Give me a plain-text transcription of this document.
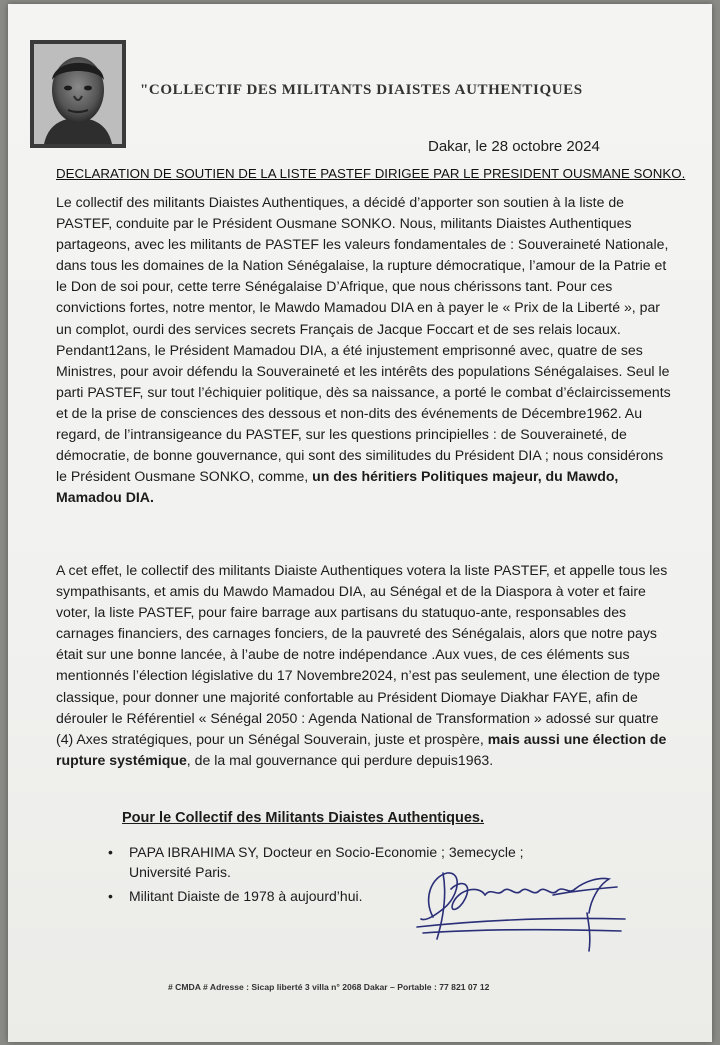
"COLLECTIF DES MILITANTS DIAISTES AUTHENTIQUES
Dakar, le 28 octobre 2024
DECLARATION DE SOUTIEN DE LA LISTE PASTEF DIRIGEE PAR LE PRESIDENT OUSMANE SONKO.

Le collectif des militants Diaistes Authentiques, a décidé d’apporter son soutien à la liste de PASTEF, conduite par le Président Ousmane SONKO. Nous, militants Diaistes Authentiques partageons, avec les militants de PASTEF les valeurs fondamentales de : Souveraineté Nationale, dans tous les domaines de la Nation Sénégalaise, la rupture démocratique, l’amour de la Patrie et le Don de soi pour, cette terre Sénégalaise D’Afrique, que nous chérissons tant. Pour ces convictions fortes, notre mentor, le Mawdo Mamadou DIA en à payer le « Prix de la Liberté », par un complot, ourdi des services secrets Français de Jacque Foccart et de ses relais locaux. Pendant12ans, le Président Mamadou DIA, a été injustement emprisonné avec, quatre de ses Ministres, pour avoir défendu la Souveraineté et les intérêts des populations Sénégalaises. Seul le parti PASTEF, sur tout l’échiquier politique, dès sa naissance, a porté le combat d’éclaircissements et de la prise de consciences des dessous et non-dits des événements de Décembre1962. Au regard, de l’intransigeance du PASTEF, sur les questions principielles : de Souveraineté, de démocratie, de bonne gouvernance, qui sont des similitudes du Président DIA ; nous considérons le Président Ousmane SONKO, comme, un des héritiers Politiques majeur, du Mawdo, Mamadou DIA.

A cet effet, le collectif des militants Diaiste Authentiques votera la liste PASTEF, et appelle tous les sympathisants, et amis du Mawdo Mamadou DIA, au Sénégal et de la Diaspora à voter et faire voter, la liste PASTEF, pour faire barrage aux partisans du statuquo-ante, responsables des carnages financiers, des carnages fonciers, de la pauvreté des Sénégalais, alors que notre pays était sur une bonne lancée, à l’aube de notre indépendance .Aux vues, de ces éléments sus mentionnés l’élection législative du 17 Novembre2024, n’est pas seulement, une élection de type classique, pour donner une majorité confortable au Président Diomaye Diakhar FAYE, afin de dérouler le Référentiel « Sénégal 2050 : Agenda National de Transformation » adossé sur quatre (4) Axes stratégiques, pour un Sénégal Souverain, juste et prospère, mais aussi une élection de rupture systémique, de la mal gouvernance qui perdure depuis1963.

Pour le Collectif des Militants Diaistes Authentiques.
• PAPA IBRAHIMA SY, Docteur en Socio-Economie ; 3emecycle ; Université Paris.
• Militant Diaiste de 1978 à aujourd’hui.
# CMDA # Adresse : Sicap liberté 3 villa n° 2068 Dakar – Portable : 77 821 07 12
